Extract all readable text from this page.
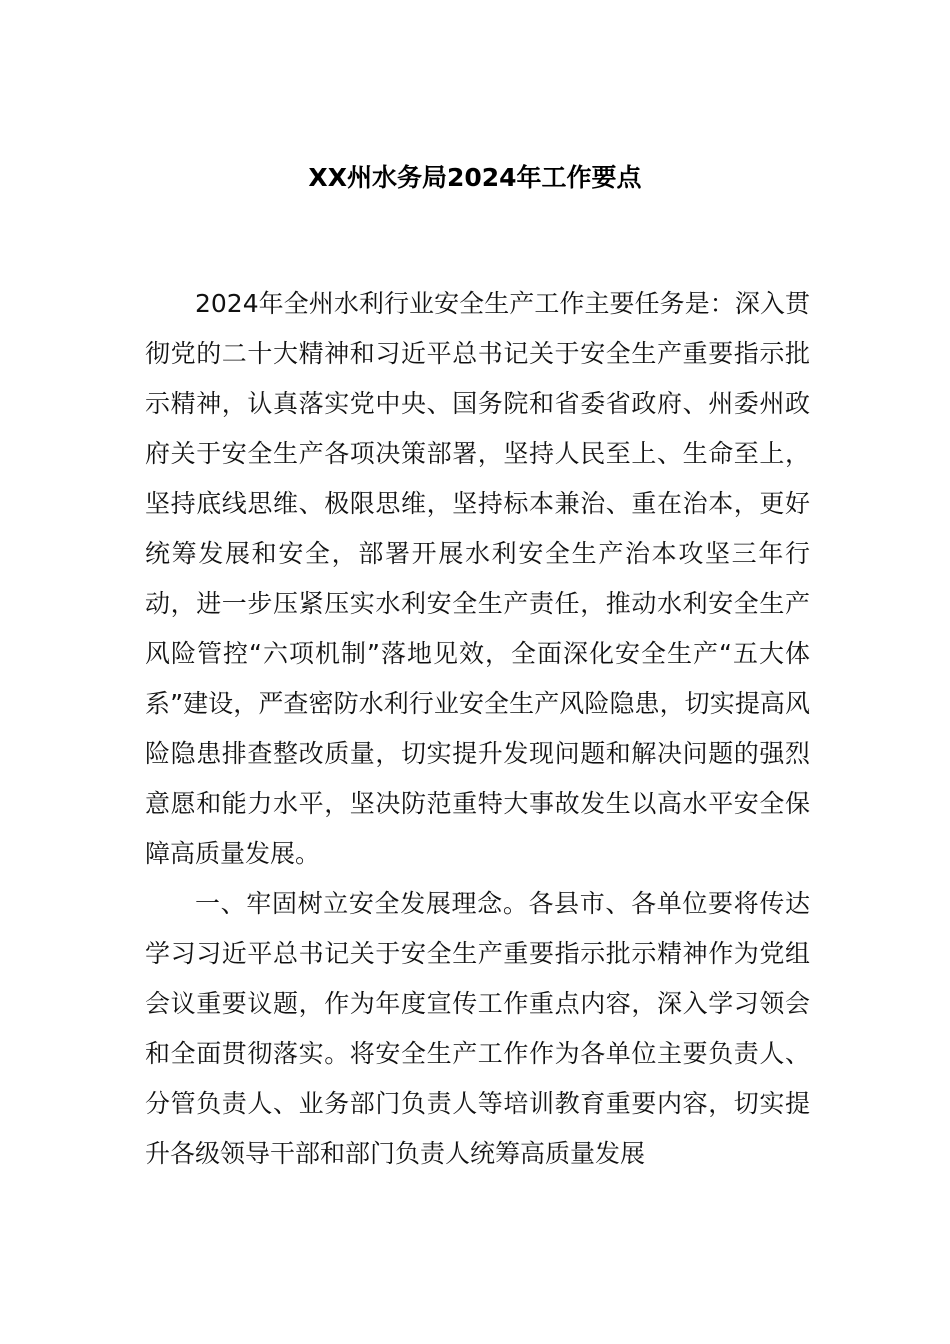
XX州水务局2024年工作要点

2024年全州水利行业安全生产工作主要任务是：深入贯彻党的二十大精神和习近平总书记关于安全生产重要指示批示精神，认真落实党中央、国务院和省委省政府、州委州政府关于安全生产各项决策部署，坚持人民至上、生命至上，坚持底线思维、极限思维，坚持标本兼治、重在治本，更好统筹发展和安全，部署开展水利安全生产治本攻坚三年行动，进一步压紧压实水利安全生产责任，推动水利安全生产风险管控“六项机制”落地见效，全面深化安全生产“五大体系”建设，严查密防水利行业安全生产风险隐患，切实提高风险隐患排查整改质量，切实提升发现问题和解决问题的强烈意愿和能力水平，坚决防范重特大事故发生以高水平安全保障高质量发展。

一、牢固树立安全发展理念。各县市、各单位要将传达学习习近平总书记关于安全生产重要指示批示精神作为党组会议重要议题，作为年度宣传工作重点内容，深入学习领会和全面贯彻落实。将安全生产工作作为各单位主要负责人、分管负责人、业务部门负责人等培训教育重要内容，切实提升各级领导干部和部门负责人统筹高质量发展
